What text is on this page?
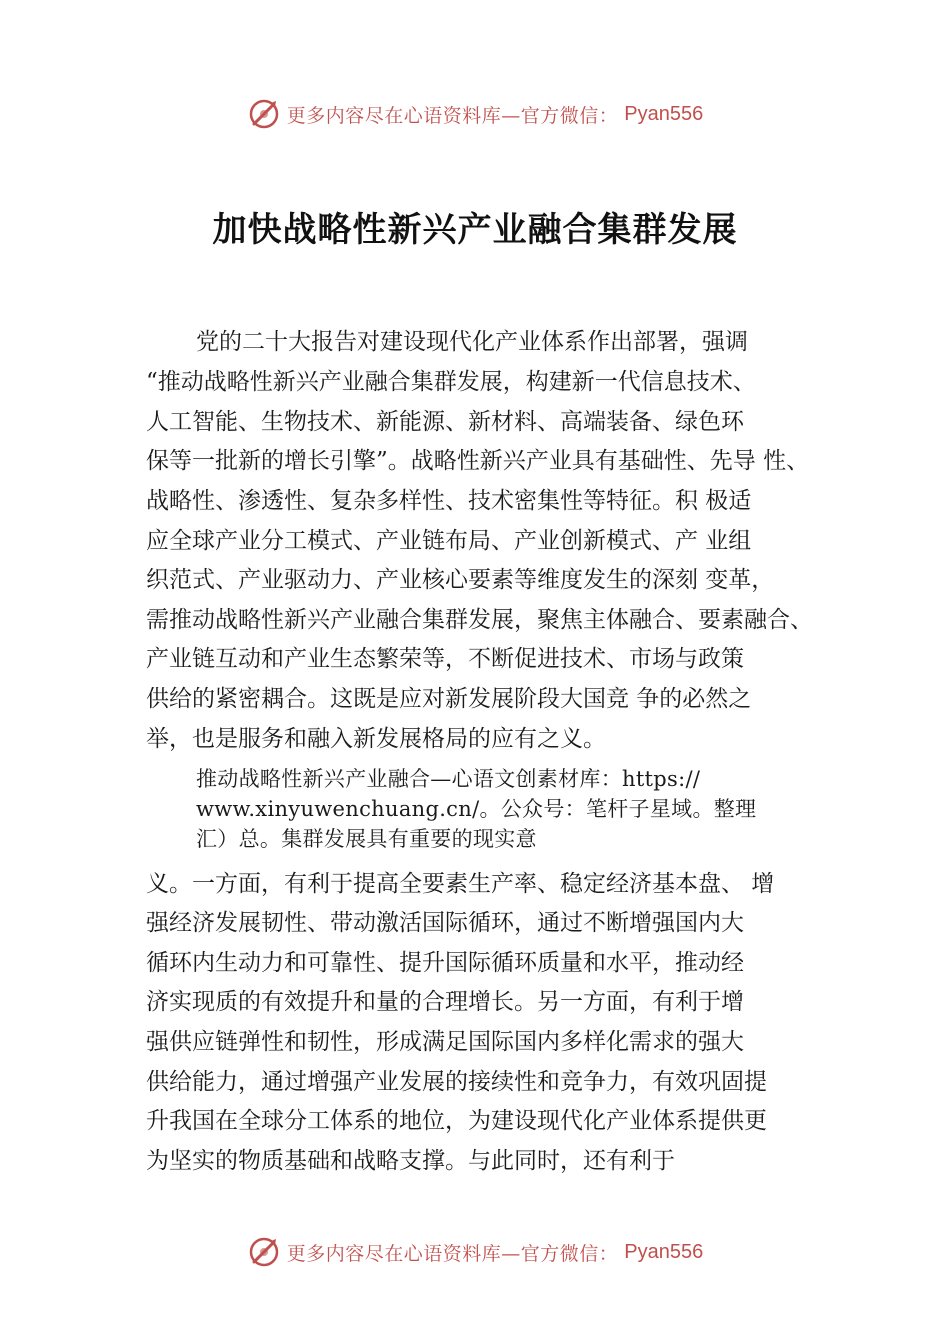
更多内容尽在心语资料库—官方微信： Pyan556
加快战略性新兴产业融合集群发展
党的二十大报告对建设现代化产业体系作出部署，强调
“推动战略性新兴产业融合集群发展，构建新一代信息技术、
人工智能、生物技术、新能源、新材料、高端装备、绿色环
保等一批新的增长引擎”。战略性新兴产业具有基础性、先导 性、
战略性、渗透性、复杂多样性、技术密集性等特征。积 极适
应全球产业分工模式、产业链布局、产业创新模式、产 业组
织范式、产业驱动力、产业核心要素等维度发生的深刻 变革，
需推动战略性新兴产业融合集群发展，聚焦主体融合、要素融合、
产业链互动和产业生态繁荣等，不断促进技术、市场与政策
供给的紧密耦合。这既是应对新发展阶段大国竞 争的必然之
举，也是服务和融入新发展格局的应有之义。
推动战略性新兴产业融合—心语文创素材库：https://
www.xinyuwenchuang.cn/。公众号：笔杆子星域。整理
汇）总。集群发展具有重要的现实意
义。一方面，有利于提高全要素生产率、稳定经济基本盘、 增
强经济发展韧性、带动激活国际循环，通过不断增强国内大
循环内生动力和可靠性、提升国际循环质量和水平，推动经
济实现质的有效提升和量的合理增长。另一方面，有利于增
强供应链弹性和韧性，形成满足国际国内多样化需求的强大
供给能力，通过增强产业发展的接续性和竞争力，有效巩固提
升我国在全球分工体系的地位，为建设现代化产业体系提供更
为坚实的物质基础和战略支撑。与此同时，还有利于
更多内容尽在心语资料库—官方微信： Pyan556
